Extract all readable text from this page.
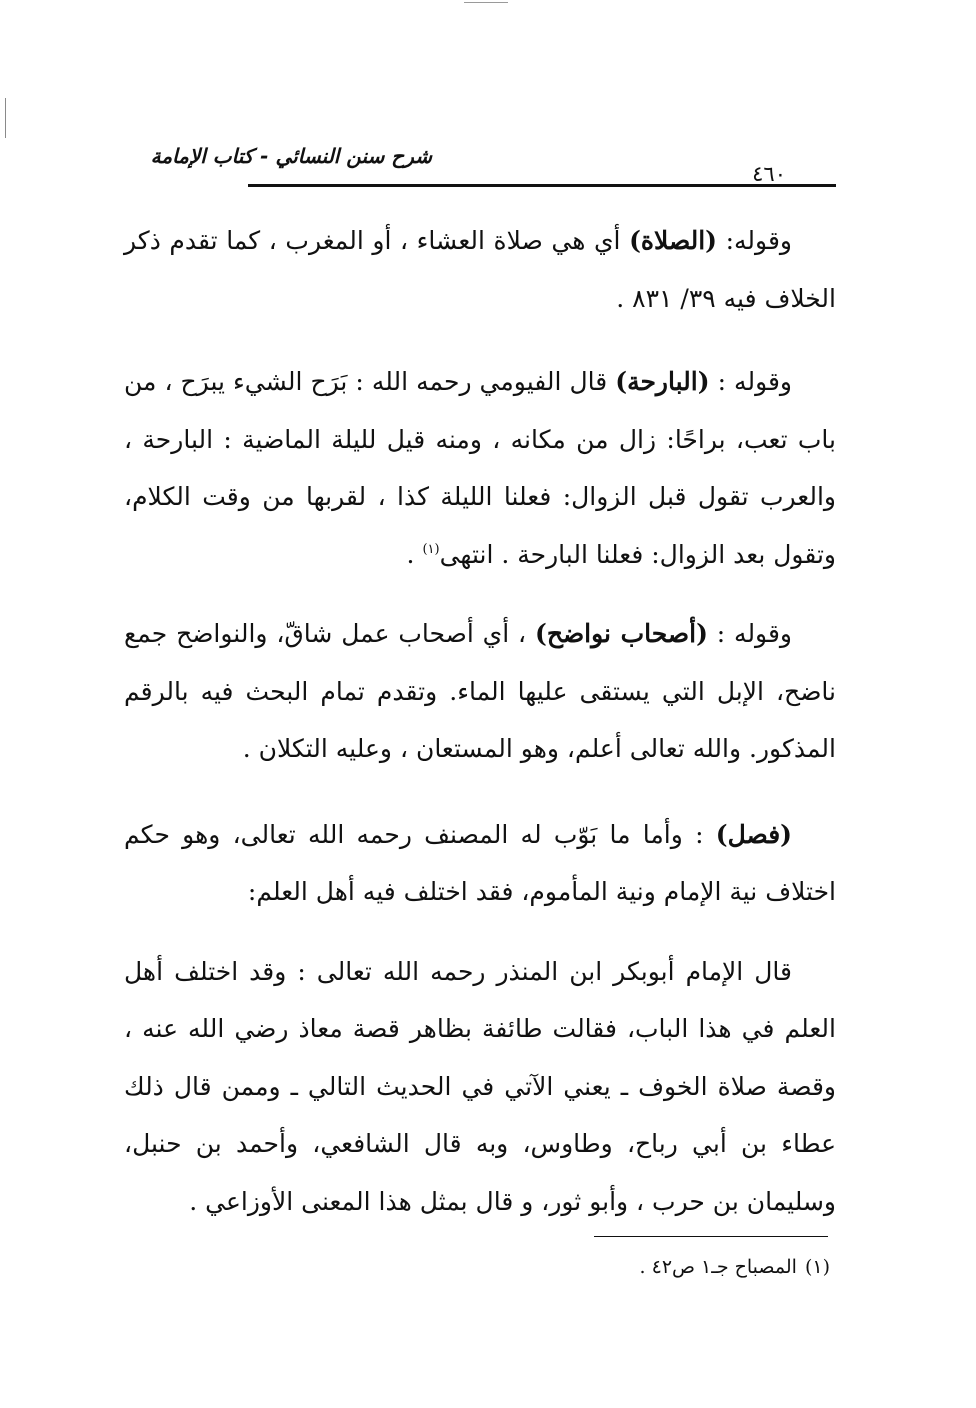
شرح سنن النسائي - كتاب الإمامة
٤٦٠

وقوله: (الصلاة) أي هي صلاة العشاء ، أو المغرب ، كما تقدم ذكر الخلاف فيه ٣٩/ ٨٣١ .

وقوله : (البارحة) قال الفيومي رحمه الله : بَرَح الشيء يبرَح ، من باب تعب، براحًا: زال من مكانه ، ومنه قيل لليلة الماضية : البارحة ، والعرب تقول قبل الزوال: فعلنا الليلة كذا ، لقربها من وقت الكلام، وتقول بعد الزوال: فعلنا البارحة . انتهى$^{(١)}$ .

وقوله : (أصحاب نواضح) ، أي أصحاب عمل شاقّ، والنواضح جمع ناضح، الإبل التي يستقى عليها الماء. وتقدم تمام البحث فيه بالرقم المذكور. والله تعالى أعلم، وهو المستعان ، وعليه التكلان .

(فصل) : وأما ما بَوّب له المصنف رحمه الله تعالى، وهو حكم اختلاف نية الإمام ونية المأموم، فقد اختلف فيه أهل العلم:

قال الإمام أبوبكر ابن المنذر رحمه الله تعالى : وقد اختلف أهل العلم في هذا الباب، فقالت طائفة بظاهر قصة معاذ رضي الله عنه ، وقصة صلاة الخوف ـ يعني الآتي في الحديث التالي ـ وممن قال ذلك عطاء بن أبي رباح، وطاوس، وبه قال الشافعي، وأحمد بن حنبل، وسليمان بن حرب ، وأبو ثور، و قال بمثل هذا المعنى الأوزاعي .

(١)المصباح جـ١ ص٤٢ .
